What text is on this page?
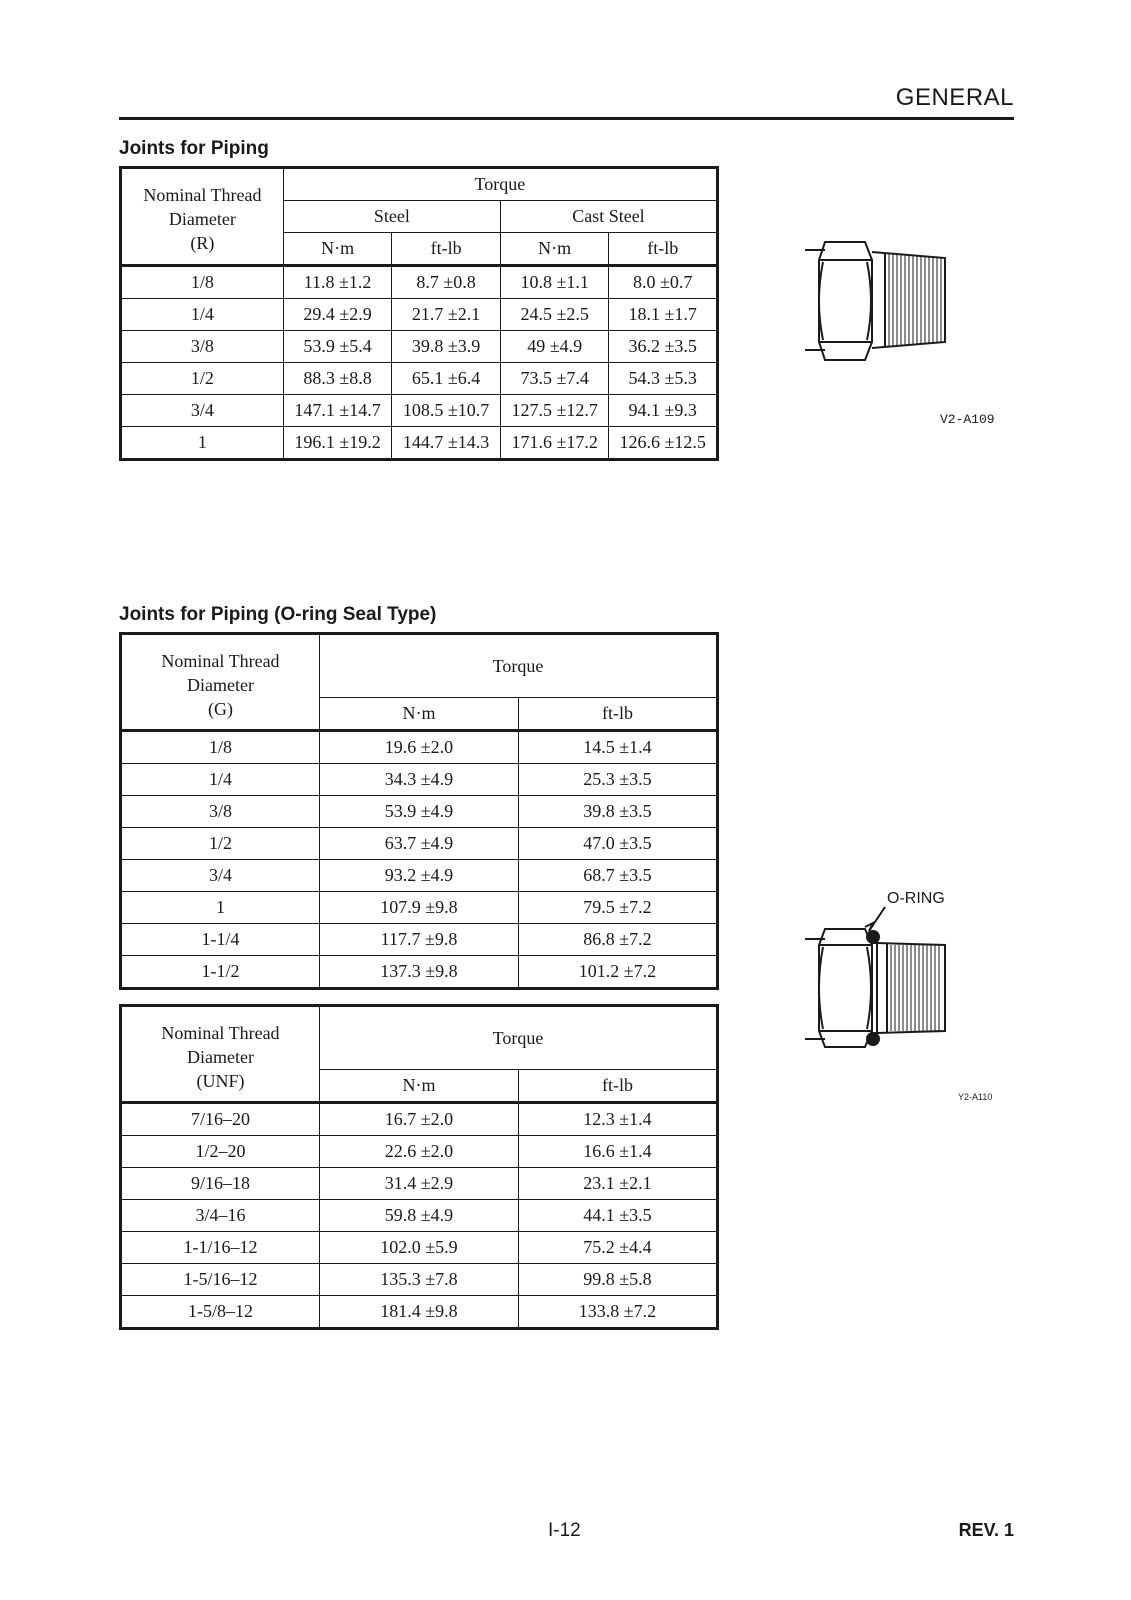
GENERAL
Joints for Piping
Nominal Thread
Diameter
(R)	Torque			
	Steel		Cast Steel	
	N·m	ft-lb	N·m	ft-lb
1/8	11.8 ±1.2	8.7 ±0.8	10.8 ±1.1	8.0 ±0.7
1/4	29.4 ±2.9	21.7 ±2.1	24.5 ±2.5	18.1 ±1.7
3/8	53.9 ±5.4	39.8 ±3.9	49 ±4.9	36.2 ±3.5
1/2	88.3 ±8.8	65.1 ±6.4	73.5 ±7.4	54.3 ±5.3
3/4	147.1 ±14.7	108.5 ±10.7	127.5 ±12.7	94.1 ±9.3
1	196.1 ±19.2	144.7 ±14.3	171.6 ±17.2	126.6 ±12.5
V2-A109
Joints for Piping (O-ring Seal Type)
Nominal Thread
Diameter
(G)	Torque	
	N·m	ft-lb
1/8	19.6 ±2.0	14.5 ±1.4
1/4	34.3 ±4.9	25.3 ±3.5
3/8	53.9 ±4.9	39.8 ±3.5
1/2	63.7 ±4.9	47.0 ±3.5
3/4	93.2 ±4.9	68.7 ±3.5
1	107.9 ±9.8	79.5 ±7.2
1-1/4	117.7 ±9.8	86.8 ±7.2
1-1/2	137.3 ±9.8	101.2 ±7.2
Nominal Thread
Diameter
(UNF)	Torque	
	N·m	ft-lb
7/16–20	16.7 ±2.0	12.3 ±1.4
1/2–20	22.6 ±2.0	16.6 ±1.4
9/16–18	31.4 ±2.9	23.1 ±2.1
3/4–16	59.8 ±4.9	44.1 ±3.5
1-1/16–12	102.0 ±5.9	75.2 ±4.4
1-5/16–12	135.3 ±7.8	99.8 ±5.8
1-5/8–12	181.4 ±9.8	133.8 ±7.2
O-RING
Y2-A110
I-12	REV. 1
